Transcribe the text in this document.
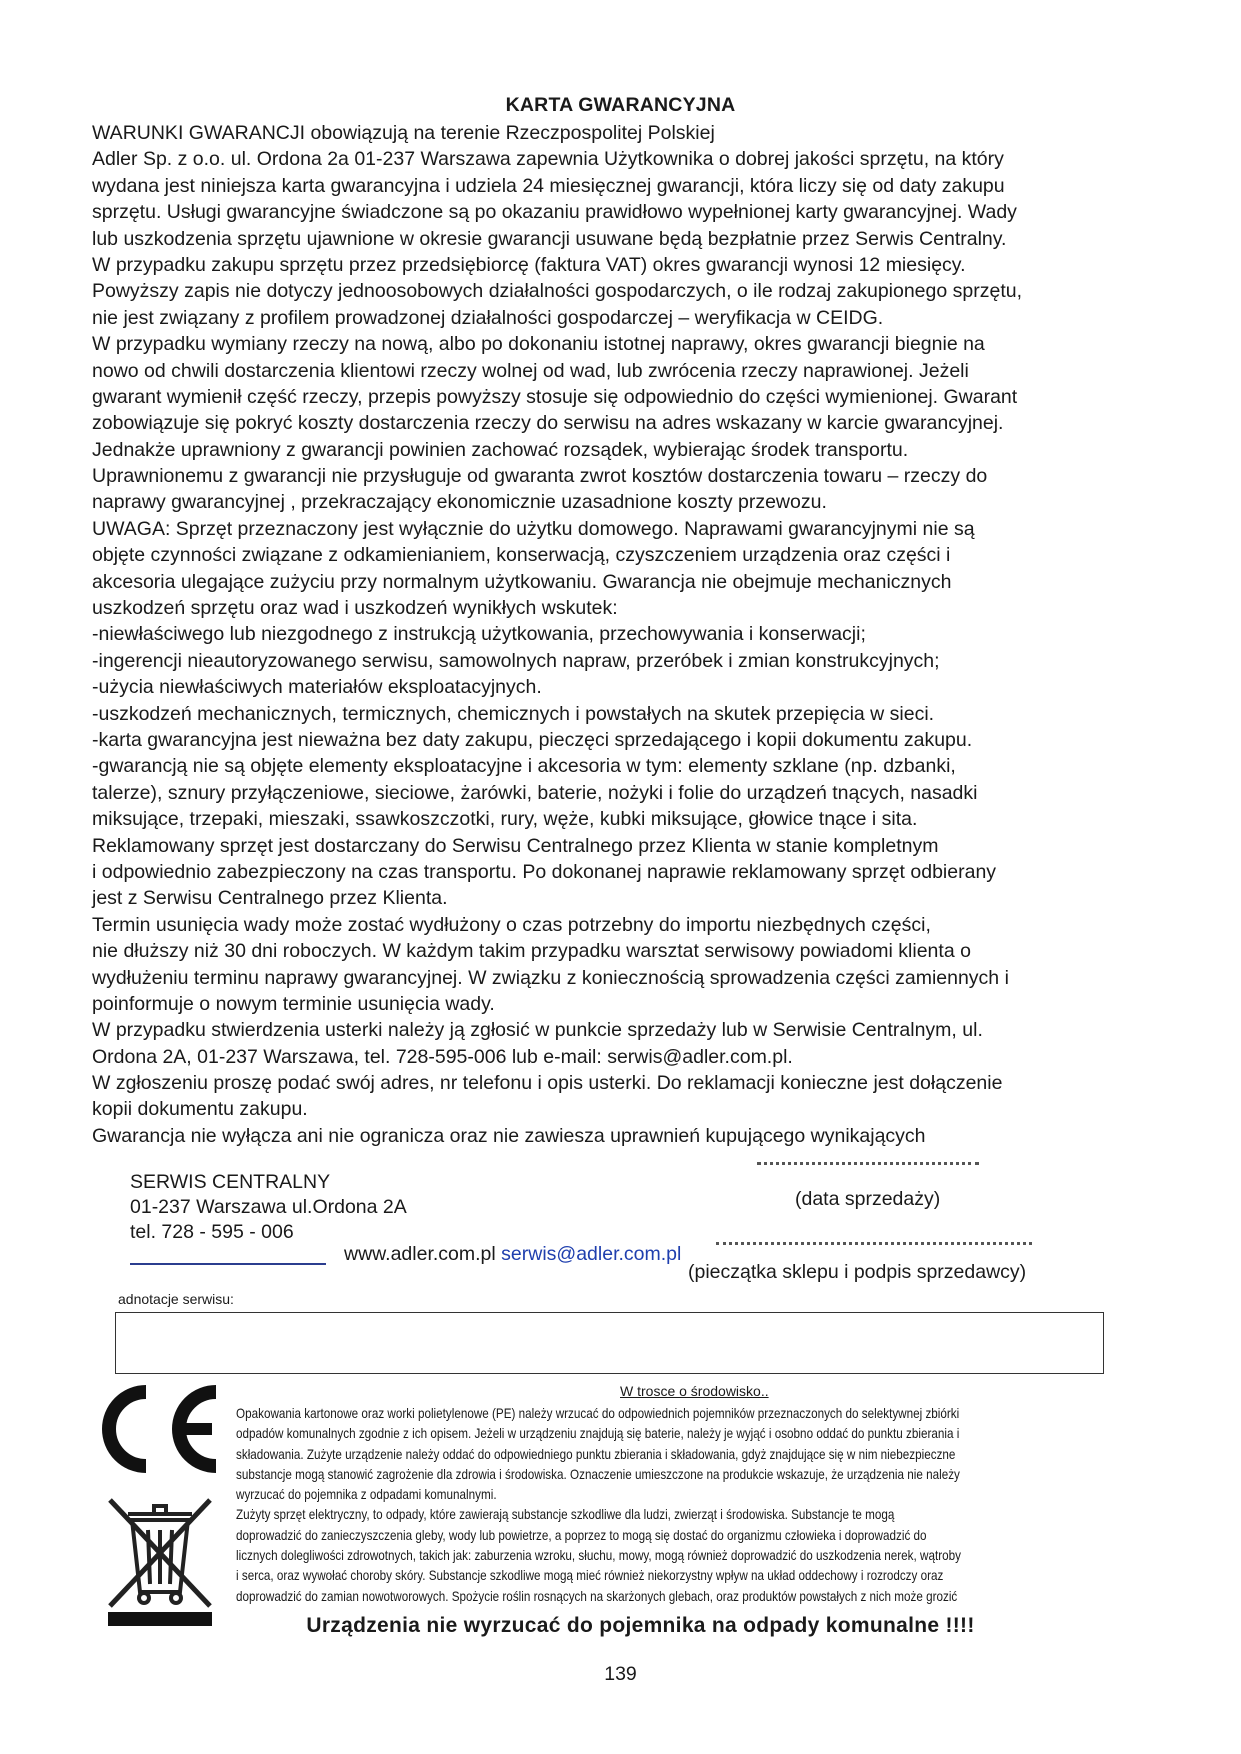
KARTA GWARANCYJNA
WARUNKI GWARANCJI obowiązują na terenie Rzeczpospolitej Polskiej
Adler Sp. z o.o. ul. Ordona 2a 01-237 Warszawa zapewnia Użytkownika o dobrej jakości sprzętu, na który
wydana jest niniejsza karta gwarancyjna i udziela 24 miesięcznej gwarancji, która liczy się od daty zakupu
sprzętu. Usługi gwarancyjne świadczone są po okazaniu prawidłowo wypełnionej karty gwarancyjnej. Wady
lub uszkodzenia sprzętu ujawnione w okresie gwarancji usuwane będą bezpłatnie przez Serwis Centralny.
W przypadku zakupu sprzętu przez przedsiębiorcę (faktura VAT) okres gwarancji wynosi 12 miesięcy.
Powyższy zapis nie dotyczy jednoosobowych działalności gospodarczych, o ile rodzaj zakupionego sprzętu,
nie jest związany z profilem prowadzonej działalności gospodarczej – weryfikacja w CEIDG.
W przypadku wymiany rzeczy na nową, albo po dokonaniu istotnej naprawy, okres gwarancji biegnie na
nowo od chwili dostarczenia klientowi rzeczy wolnej od wad, lub zwrócenia rzeczy naprawionej. Jeżeli
gwarant wymienił część rzeczy, przepis powyższy stosuje się odpowiednio do części wymienionej. Gwarant
zobowiązuje się pokryć koszty dostarczenia rzeczy do serwisu na adres wskazany w karcie gwarancyjnej.
Jednakże uprawniony z gwarancji powinien zachować rozsądek, wybierając środek transportu.
Uprawnionemu z gwarancji nie przysługuje od gwaranta zwrot kosztów dostarczenia towaru – rzeczy do
naprawy gwarancyjnej , przekraczający ekonomicznie uzasadnione koszty przewozu.
UWAGA: Sprzęt przeznaczony jest wyłącznie do użytku domowego. Naprawami gwarancyjnymi nie są
objęte czynności związane z odkamienianiem, konserwacją, czyszczeniem urządzenia oraz części i
akcesoria ulegające zużyciu przy normalnym użytkowaniu. Gwarancja nie obejmuje mechanicznych
uszkodzeń sprzętu oraz wad i uszkodzeń wynikłych wskutek:
-niewłaściwego lub niezgodnego z instrukcją użytkowania, przechowywania i konserwacji;
-ingerencji nieautoryzowanego serwisu, samowolnych napraw, przeróbek i zmian konstrukcyjnych;
-użycia niewłaściwych materiałów eksploatacyjnych.
-uszkodzeń mechanicznych, termicznych, chemicznych i powstałych na skutek przepięcia w sieci.
-karta gwarancyjna jest nieważna bez daty zakupu, pieczęci sprzedającego i kopii dokumentu zakupu.
-gwarancją nie są objęte elementy eksploatacyjne i akcesoria w tym: elementy szklane (np. dzbanki,
talerze), sznury przyłączeniowe, sieciowe, żarówki, baterie, nożyki i folie do urządzeń tnących, nasadki
miksujące, trzepaki, mieszaki, ssawkoszczotki, rury, węże, kubki miksujące, głowice tnące i sita.
Reklamowany sprzęt jest dostarczany do Serwisu Centralnego przez Klienta w stanie kompletnym
i odpowiednio zabezpieczony na czas transportu. Po dokonanej naprawie reklamowany sprzęt odbierany
jest z Serwisu Centralnego przez Klienta.
Termin usunięcia wady może zostać wydłużony o czas potrzebny do importu niezbędnych części,
nie dłuższy niż 30 dni roboczych. W każdym takim przypadku warsztat serwisowy powiadomi klienta o
wydłużeniu terminu naprawy gwarancyjnej. W związku z koniecznością sprowadzenia części zamiennych i
poinformuje o nowym terminie usunięcia wady.
W przypadku stwierdzenia usterki należy ją zgłosić w punkcie sprzedaży lub w Serwisie Centralnym, ul.
Ordona 2A, 01-237 Warszawa, tel. 728-595-006 lub e-mail: serwis@adler.com.pl.
W zgłoszeniu proszę podać swój adres, nr telefonu i opis usterki. Do reklamacji konieczne jest dołączenie
kopii dokumentu zakupu.
Gwarancja nie wyłącza ani nie ogranicza oraz nie zawiesza uprawnień kupującego wynikających
SERWIS CENTRALNY
01-237 Warszawa ul.Ordona 2A
tel. 728 - 595 - 006
(data sprzedaży)
www.adler.com.pl serwis@adler.com.pl
(pieczątka sklepu i podpis sprzedawcy)
adnotacje serwisu:
W trosce o środowisko..
Opakowania kartonowe oraz worki polietylenowe (PE) należy wrzucać do odpowiednich pojemników przeznaczonych do selektywnej zbiórki
odpadów komunalnych zgodnie z ich opisem. Jeżeli w urządzeniu znajdują się baterie, należy je wyjąć i osobno oddać do punktu zbierania i
składowania. Zużyte urządzenie należy oddać do odpowiedniego punktu zbierania i składowania, gdyż znajdujące się w nim niebezpieczne
substancje mogą stanowić zagrożenie dla zdrowia i środowiska. Oznaczenie umieszczone na produkcie wskazuje, że urządzenia nie należy
wyrzucać do pojemnika z odpadami komunalnymi.
Zużyty sprzęt elektryczny, to odpady, które zawierają substancje szkodliwe dla ludzi, zwierząt i środowiska. Substancje te mogą
doprowadzić do zanieczyszczenia gleby, wody lub powietrze, a poprzez to mogą się dostać do organizmu człowieka i doprowadzić do
licznych dolegliwości zdrowotnych, takich jak: zaburzenia wzroku, słuchu, mowy, mogą również doprowadzić do uszkodzenia nerek, wątroby
i serca, oraz wywołać choroby skóry. Substancje szkodliwe mogą mieć również niekorzystny wpływ na układ oddechowy i rozrodczy oraz
doprowadzić do zamian nowotworowych. Spożycie roślin rosnących na skarżonych glebach, oraz produktów powstałych z nich może grozić
Urządzenia nie wyrzucać do pojemnika na odpady komunalne !!!!
139
